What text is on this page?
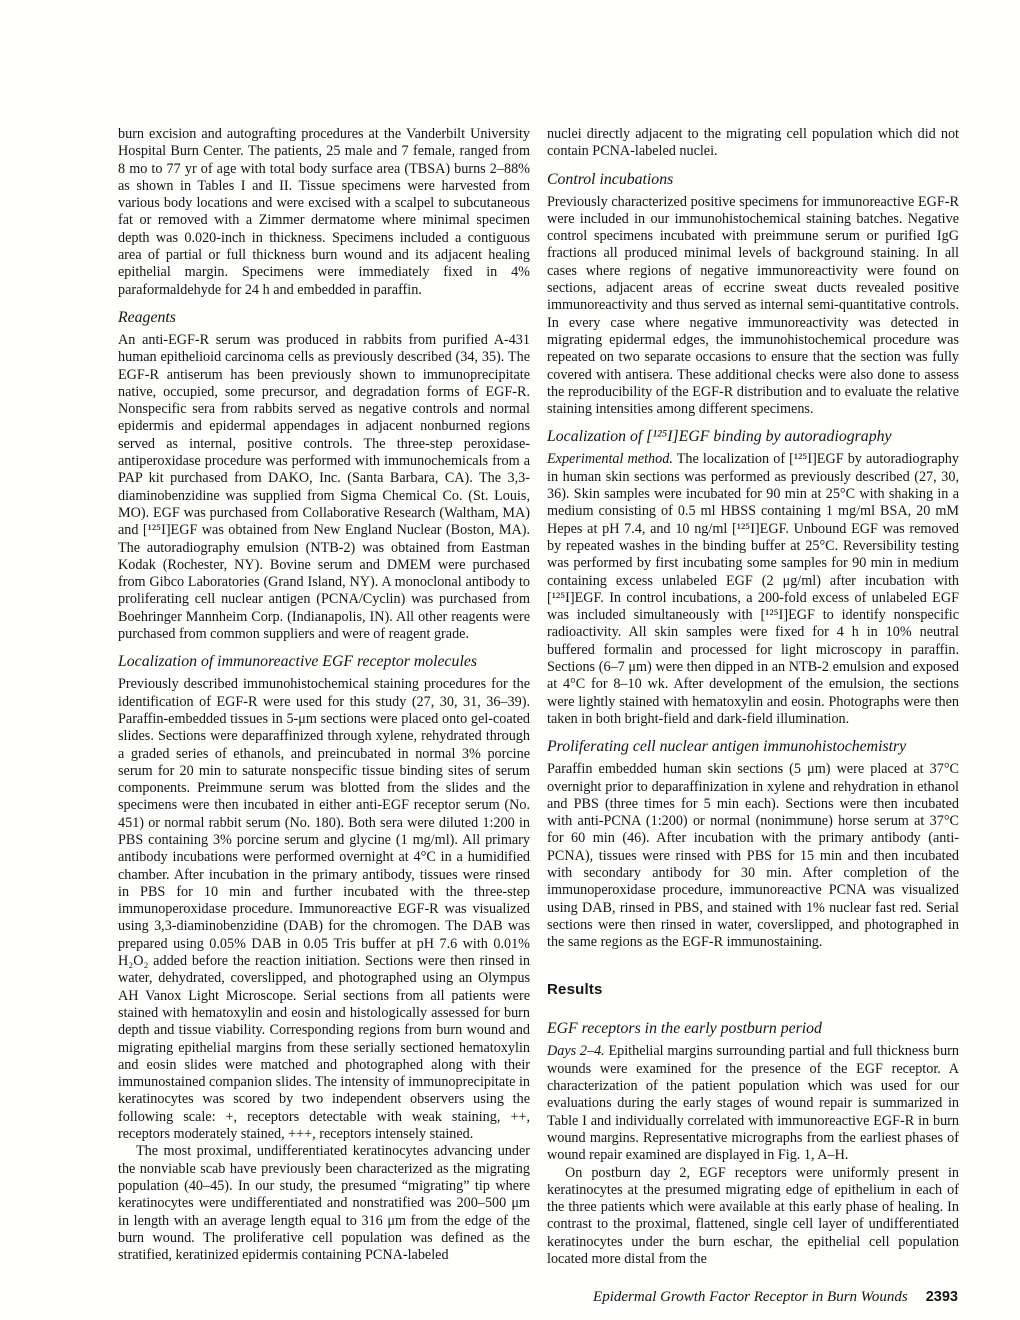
burn excision and autografting procedures at the Vanderbilt University Hospital Burn Center. The patients, 25 male and 7 female, ranged from 8 mo to 77 yr of age with total body surface area (TBSA) burns 2–88% as shown in Tables I and II. Tissue specimens were harvested from various body locations and were excised with a scalpel to subcutaneous fat or removed with a Zimmer dermatome where minimal specimen depth was 0.020-inch in thickness. Specimens included a contiguous area of partial or full thickness burn wound and its adjacent healing epithelial margin. Specimens were immediately fixed in 4% paraformaldehyde for 24 h and embedded in paraffin.

Reagents

An anti-EGF-R serum was produced in rabbits from purified A-431 human epithelioid carcinoma cells as previously described (34, 35). The EGF-R antiserum has been previously shown to immunoprecipitate native, occupied, some precursor, and degradation forms of EGF-R. Nonspecific sera from rabbits served as negative controls and normal epidermis and epidermal appendages in adjacent nonburned regions served as internal, positive controls. The three-step peroxidase-antiperoxidase procedure was performed with immunochemicals from a PAP kit purchased from DAKO, Inc. (Santa Barbara, CA). The 3,3-diaminobenzidine was supplied from Sigma Chemical Co. (St. Louis, MO). EGF was purchased from Collaborative Research (Waltham, MA) and [¹²⁵I]EGF was obtained from New England Nuclear (Boston, MA). The autoradiography emulsion (NTB-2) was obtained from Eastman Kodak (Rochester, NY). Bovine serum and DMEM were purchased from Gibco Laboratories (Grand Island, NY). A monoclonal antibody to proliferating cell nuclear antigen (PCNA/Cyclin) was purchased from Boehringer Mannheim Corp. (Indianapolis, IN). All other reagents were purchased from common suppliers and were of reagent grade.

Localization of immunoreactive EGF receptor molecules

Previously described immunohistochemical staining procedures for the identification of EGF-R were used for this study (27, 30, 31, 36–39). Paraffin-embedded tissues in 5-μm sections were placed onto gel-coated slides. Sections were deparaffinized through xylene, rehydrated through a graded series of ethanols, and preincubated in normal 3% porcine serum for 20 min to saturate nonspecific tissue binding sites of serum components. Preimmune serum was blotted from the slides and the specimens were then incubated in either anti-EGF receptor serum (No. 451) or normal rabbit serum (No. 180). Both sera were diluted 1:200 in PBS containing 3% porcine serum and glycine (1 mg/ml). All primary antibody incubations were performed overnight at 4°C in a humidified chamber. After incubation in the primary antibody, tissues were rinsed in PBS for 10 min and further incubated with the three-step immunoperoxidase procedure. Immunoreactive EGF-R was visualized using 3,3-diaminobenzidine (DAB) for the chromogen. The DAB was prepared using 0.05% DAB in 0.05 Tris buffer at pH 7.6 with 0.01% H₂O₂ added before the reaction initiation. Sections were then rinsed in water, dehydrated, coverslipped, and photographed using an Olympus AH Vanox Light Microscope. Serial sections from all patients were stained with hematoxylin and eosin and histologically assessed for burn depth and tissue viability. Corresponding regions from burn wound and migrating epithelial margins from these serially sectioned hematoxylin and eosin slides were matched and photographed along with their immunostained companion slides. The intensity of immunoprecipitate in keratinocytes was scored by two independent observers using the following scale: +, receptors detectable with weak staining, ++, receptors moderately stained, +++, receptors intensely stained.

The most proximal, undifferentiated keratinocytes advancing under the nonviable scab have previously been characterized as the migrating population (40–45). In our study, the presumed “migrating” tip where keratinocytes were undifferentiated and nonstratified was 200–500 μm in length with an average length equal to 316 μm from the edge of the burn wound. The proliferative cell population was defined as the stratified, keratinized epidermis containing PCNA-labeled

nuclei directly adjacent to the migrating cell population which did not contain PCNA-labeled nuclei.

Control incubations

Previously characterized positive specimens for immunoreactive EGF-R were included in our immunohistochemical staining batches. Negative control specimens incubated with preimmune serum or purified IgG fractions all produced minimal levels of background staining. In all cases where regions of negative immunoreactivity were found on sections, adjacent areas of eccrine sweat ducts revealed positive immunoreactivity and thus served as internal semi-quantitative controls. In every case where negative immunoreactivity was detected in migrating epidermal edges, the immunohistochemical procedure was repeated on two separate occasions to ensure that the section was fully covered with antisera. These additional checks were also done to assess the reproducibility of the EGF-R distribution and to evaluate the relative staining intensities among different specimens.

Localization of [¹²⁵I]EGF binding by autoradiography

Experimental method. The localization of [¹²⁵I]EGF by autoradiography in human skin sections was performed as previously described (27, 30, 36). Skin samples were incubated for 90 min at 25°C with shaking in a medium consisting of 0.5 ml HBSS containing 1 mg/ml BSA, 20 mM Hepes at pH 7.4, and 10 ng/ml [¹²⁵I]EGF. Unbound EGF was removed by repeated washes in the binding buffer at 25°C. Reversibility testing was performed by first incubating some samples for 90 min in medium containing excess unlabeled EGF (2 μg/ml) after incubation with [¹²⁵I]EGF. In control incubations, a 200-fold excess of unlabeled EGF was included simultaneously with [¹²⁵I]EGF to identify nonspecific radioactivity. All skin samples were fixed for 4 h in 10% neutral buffered formalin and processed for light microscopy in paraffin. Sections (6–7 μm) were then dipped in an NTB-2 emulsion and exposed at 4°C for 8–10 wk. After development of the emulsion, the sections were lightly stained with hematoxylin and eosin. Photographs were then taken in both bright-field and dark-field illumination.

Proliferating cell nuclear antigen immunohistochemistry

Paraffin embedded human skin sections (5 μm) were placed at 37°C overnight prior to deparaffinization in xylene and rehydration in ethanol and PBS (three times for 5 min each). Sections were then incubated with anti-PCNA (1:200) or normal (nonimmune) horse serum at 37°C for 60 min (46). After incubation with the primary antibody (anti-PCNA), tissues were rinsed with PBS for 15 min and then incubated with secondary antibody for 30 min. After completion of the immunoperoxidase procedure, immunoreactive PCNA was visualized using DAB, rinsed in PBS, and stained with 1% nuclear fast red. Serial sections were then rinsed in water, coverslipped, and photographed in the same regions as the EGF-R immunostaining.

Results
EGF receptors in the early postburn period

Days 2–4. Epithelial margins surrounding partial and full thickness burn wounds were examined for the presence of the EGF receptor. A characterization of the patient population which was used for our evaluations during the early stages of wound repair is summarized in Table I and individually correlated with immunoreactive EGF-R in burn wound margins. Representative micrographs from the earliest phases of wound repair examined are displayed in Fig. 1, A–H.

On postburn day 2, EGF receptors were uniformly present in keratinocytes at the presumed migrating edge of epithelium in each of the three patients which were available at this early phase of healing. In contrast to the proximal, flattened, single cell layer of undifferentiated keratinocytes under the burn eschar, the epithelial cell population located more distal from the

Epidermal Growth Factor Receptor in Burn Wounds 2393
